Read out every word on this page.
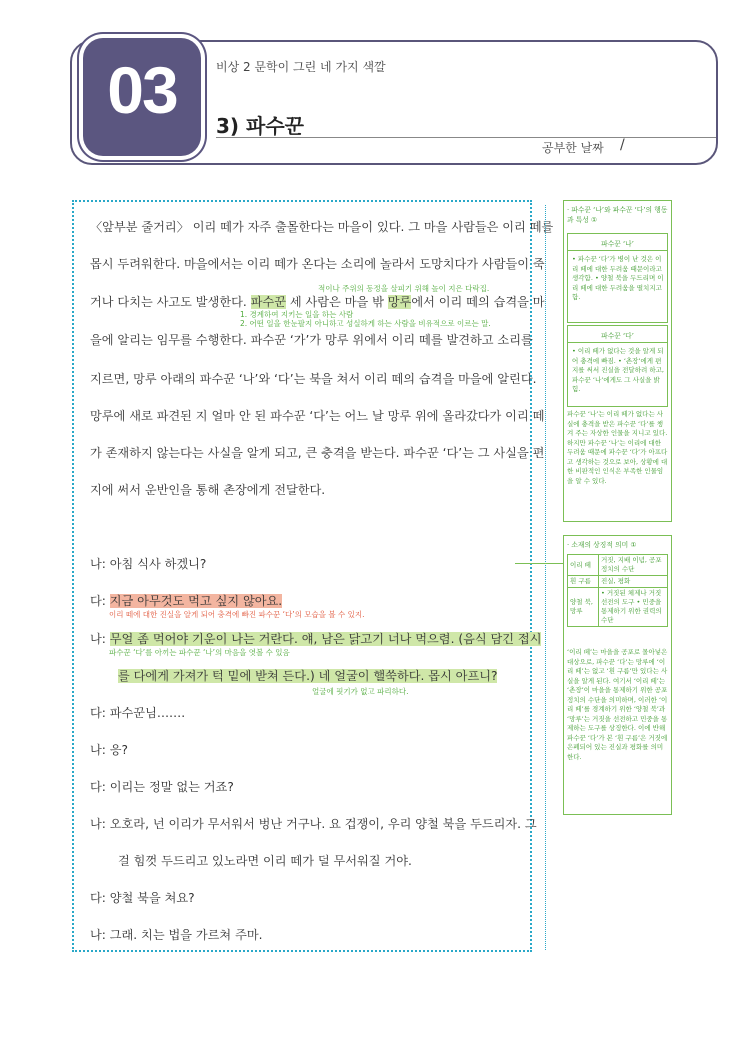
03	비상 2 문학이 그린 네 가지 색깔
3) 파수꾼
공부한 날짜 /
〈앞부분 줄거리〉 이리 떼가 자주 출몰한다는 마을이 있다. 그 마을 사람들은 이리 떼를
몹시 두려워한다. 마을에서는 이리 떼가 온다는 소리에 놀라서 도망치다가 사람들이 죽
적이나 주위의 동정을 살피기 위해 높이 지은 다락집.
거나 다치는 사고도 발생한다. 파수꾼 세 사람은 마을 밖 망루에서 이리 떼의 습격을 마
1. 경계하여 지키는 일을 하는 사람
2. 어떤 일을 한눈팔지 아니하고 성실하게 하는 사람을 비유적으로 이르는 말.
을에 알리는 임무를 수행한다. 파수꾼 ‘가’가 망루 위에서 이리 떼를 발견하고 소리를
지르면, 망루 아래의 파수꾼 ‘나’와 ‘다’는 북을 쳐서 이리 떼의 습격을 마을에 알린다.
망루에 새로 파견된 지 얼마 안 된 파수꾼 ‘다’는 어느 날 망루 위에 올라갔다가 이리 떼
가 존재하지 않는다는 사실을 알게 되고, 큰 충격을 받는다. 파수꾼 ‘다’는 그 사실을 편
지에 써서 운반인을 통해 촌장에게 전달한다.
나: 아침 식사 하겠니?
다: 지금 아무것도 먹고 싶지 않아요.
이리 떼에 대한 진실을 알게 되어 충격에 빠진 파수꾼 ‘다’의 모습을 볼 수 있지.
나: 무얼 좀 먹어야 기운이 나는 거란다. 얘, 남은 닭고기 너나 먹으렴. (음식 담긴 접시
파수꾼 ‘다’를 아끼는 파수꾼 ‘나’의 마음을 엿볼 수 있음
를 다에게 가져가 턱 밑에 받쳐 든다.) 네 얼굴이 핼쑥하다. 몹시 아프니?
얼굴에 핏기가 없고 파리하다.
다: 파수꾼님…….
나: 응?
다: 이리는 정말 없는 거죠?
나: 오호라, 넌 이리가 무서워서 벙난 거구나. 요 겁쟁이, 우리 양철 북을 두드리자. 그
걸 힘껏 두드리고 있노라면 이리 떼가 덜 무서워질 거야.
다: 양철 북을 쳐요?
나: 그래. 치는 법을 가르쳐 주마.
· 파수꾼 ‘나’와 파수꾼 ‘다’의 행동 과 특성 ①
파수꾼 ‘나’
• 파수꾼 ‘다’가 병이 난 것은 이리 떼에 대한 두려움 때문이라고 생각함. • 양철 북을 두드리며 이리 떼에 대한 두려움을 떨치지고 함.
파수꾼 ‘다’
• 이리 떼가 없다는 것을 알게 되어 충격에 빠짐. • ‘촌장’에게 편지를 써서 진실을 전달하려 하고, 파수꾼 ‘나’에게도 그 사실을 밝힘.
파수꾼 ‘나’는 이리 떼가 없다는 사실에 충격을 받은 파수꾼 ‘다’를 챙겨 주는 자상한 인물을 지니고 있다. 하지만 파수꾼 ‘나’는 이리에 대한 두려움 때문에 파수꾼 ‘다’가 아프다고 생각하는 것으로 보아, 상황에 대한 비판적인 인식은 부족한 인물임을 알 수 있다.
· 소재의 상징적 의미 ①
이리 떼	거짓, 지배 이념, 공포 정치의 수단
흰 구름	진실, 평화
양철 북, 망루	• 거짓된 체제나 거짓 선전의 도구 • 민중을 통제하기 위한 권력의 수단
‘이리 떼’는 마을을 공포로 몰아넣은 대상으로, 파수꾼 ‘다’는 망루에 ‘이리 떼’는 없고 ‘흰 구름’만 있다는 사실을 알게 된다. 여기서 ‘이리 떼’는 ‘촌장’이 마을을 통제하기 위한 공포 정치의 수단을 의미하며, 이러한 ‘이리 떼’를 경계하기 위한 ‘양철 북’과 ‘망루’는 거짓을 선전하고 민중을 통제하는 도구를 상징한다. 이에 반해 파수꾼 ‘다’가 본 ‘흰 구름’은 거짓에 은폐되어 있는 진실과 평화를 의미한다.
